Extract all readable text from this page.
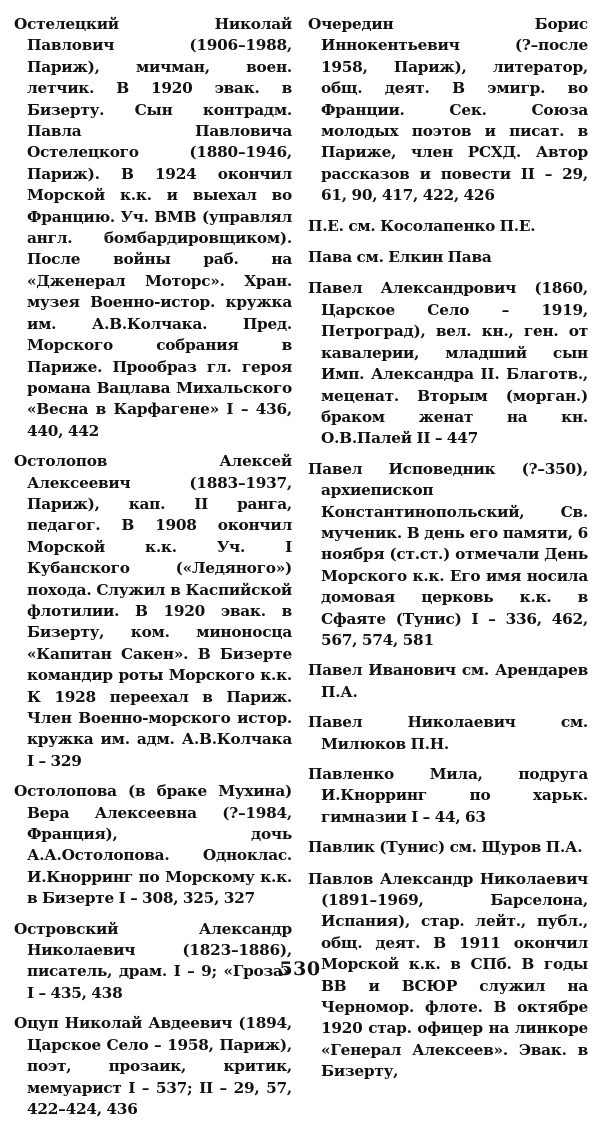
Остелецкий Николай Павлович (1906–1988, Париж), мичман, воен. летчик. В 1920 эвак. в Бизерту. Сын контрадм. Павла Павловича Остелецкого (1880–1946, Париж). В 1924 окончил Морской к.к. и выехал во Францию. Уч. ВМВ (управлял англ. бомбардировщиком). После войны раб. на «Дженерал Моторс». Хран. музея Военно-истор. кружка им. А.В.Колчака. Пред. Морского собрания в Париже. Прообраз гл. героя романа Вацлава Михальского «Весна в Карфагене» I – 436, 440, 442

Остолопов Алексей Алексеевич (1883–1937, Париж), кап. II ранга, педагог. В 1908 окончил Морской к.к. Уч. I Кубанского («Ледяного») похода. Служил в Каспийской флотилии. В 1920 эвак. в Бизерту, ком. миноносца «Капитан Сакен». В Бизерте командир роты Морского к.к. К 1928 переехал в Париж. Член Военно-морского истор. кружка им. адм. А.В.Колчака I – 329

Остолопова (в браке Мухина) Вера Алексеевна (?–1984, Франция), дочь А.А.Остолопова. Одноклас. И.Кнорринг по Морскому к.к. в Бизерте I – 308, 325, 327

Островский Александр Николаевич (1823–1886), писатель, драм. I – 9; «Гроза» I – 435, 438

Оцуп Николай Авдеевич (1894, Царское Село – 1958, Париж), поэт, прозаик, критик, мемуарист I – 537; II – 29, 57, 422–424, 436

Очередин Борис Иннокентьевич (?–после 1958, Париж), литератор, общ. деят. В эмигр. во Франции. Сек. Союза молодых поэтов и писат. в Париже, член РСХД. Автор рассказов и повести II – 29, 61, 90, 417, 422, 426

П.Е. см. Косолапенко П.Е.

Пава см. Елкин Пава

Павел Александрович (1860, Царское Село – 1919, Петроград), вел. кн., ген. от кавалерии, младший сын Имп. Александра II. Благотв., меценат. Вторым (морган.) браком женат на кн. О.В.Палей II – 447

Павел Исповедник (?–350), архиепископ Константинопольский, Св. мученик. В день его памяти, 6 ноября (ст.ст.) отмечали День Морского к.к. Его имя носила домовая церковь к.к. в Сфаяте (Тунис) I – 336, 462, 567, 574, 581

Павел Иванович см. Арендарев П.А.

Павел Николаевич см. Милюков П.Н.

Павленко Мила, подруга И.Кнорринг по харьк. гимназии I – 44, 63

Павлик (Тунис) см. Щуров П.А.

Павлов Александр Николаевич (1891–1969, Барселона, Испания), стар. лейт., публ., общ. деят. В 1911 окончил Морской к.к. в СПб. В годы ВВ и ВСЮР служил на Черномор. флоте. В октябре 1920 стар. офицер на линкоре «Генерал Алексеев». Эвак. в Бизерту,

530
